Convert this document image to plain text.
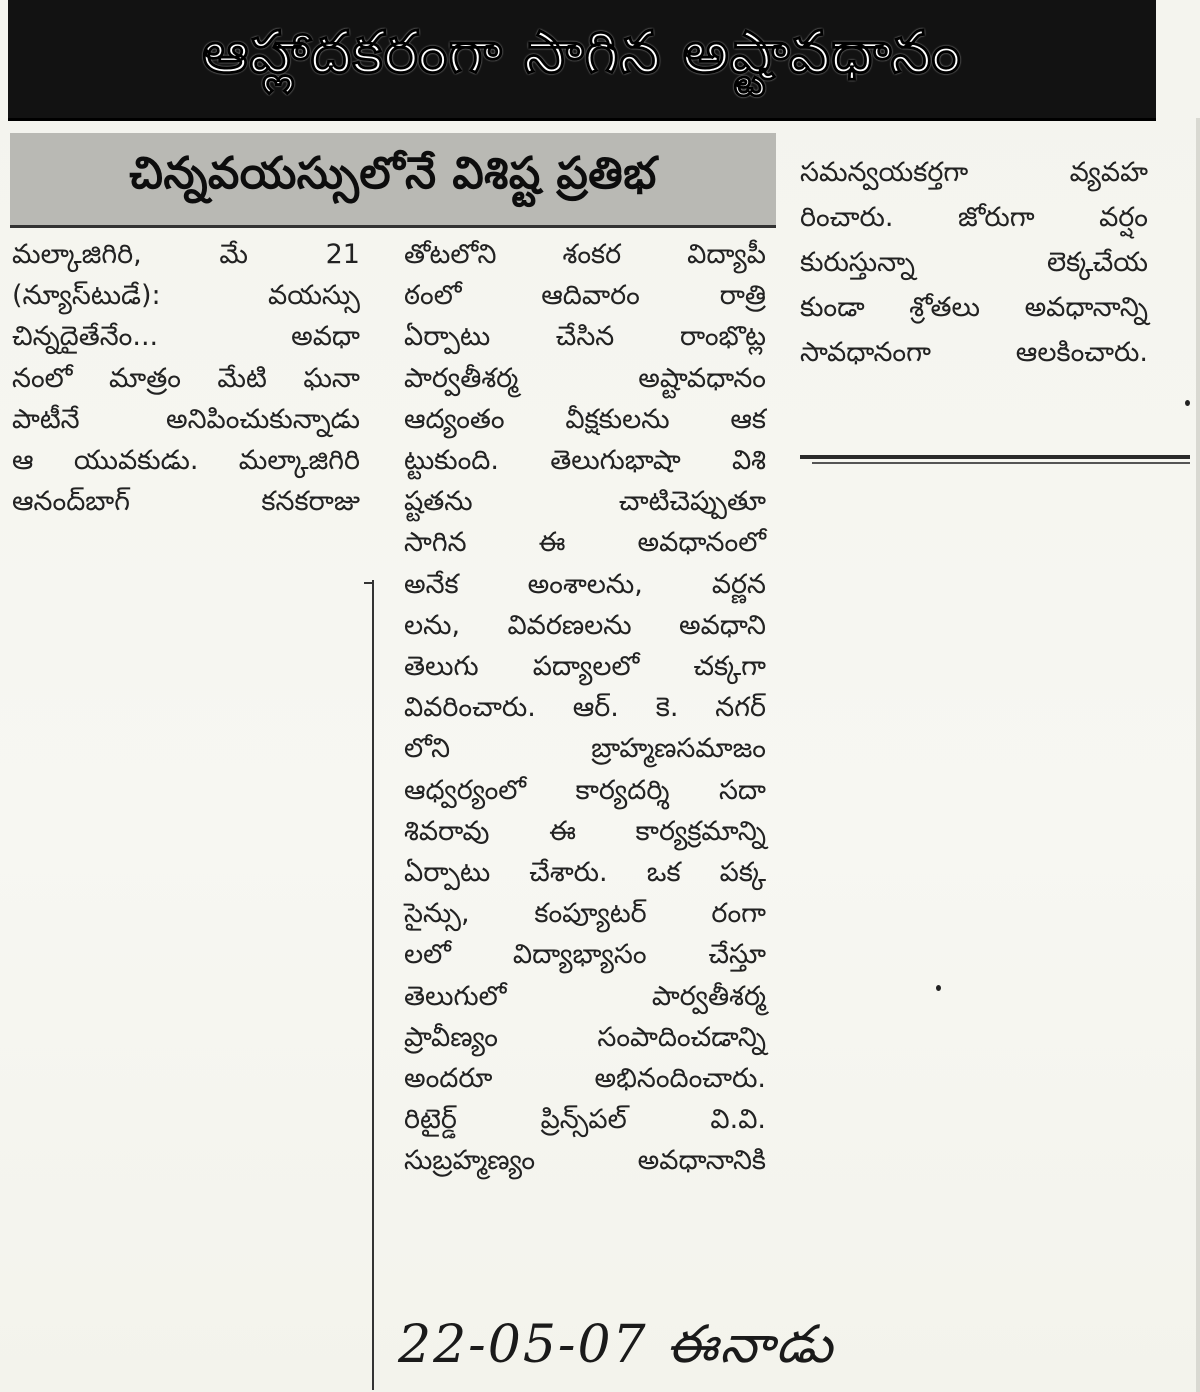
ఆహ్లాదకరంగా సాగిన అష్టావధానం
చిన్నవయస్సులోనే విశిష్ట ప్రతిభ
మల్కాజిగిరి, మే 21
(న్యూస్‌టుడే): వయస్సు
చిన్నదైతేనేం... అవధా
నంలో మాత్రం మేటి ఘనా
పాటీనే అనిపించుకున్నాడు
ఆ యువకుడు. మల్కాజిగిరి
ఆనంద్‌బాగ్ కనకరాజు
తోటలోని శంకర విద్యాపీ
ఠంలో ఆదివారం రాత్రి
ఏర్పాటు చేసిన రాంభొట్ల
పార్వతీశర్మ అష్టావధానం
ఆద్యంతం వీక్షకులను ఆక
ట్టుకుంది. తెలుగుభాషా విశి
ష్టతను చాటిచెప్పుతూ
సాగిన ఈ అవధానంలో
అనేక అంశాలను, వర్ణన
లను, వివరణలను అవధాని
తెలుగు పద్యాలలో చక్కగా
వివరించారు. ఆర్. కె. నగర్
లోని బ్రాహ్మణసమాజం
ఆధ్వర్యంలో కార్యదర్శి సదా
శివరావు ఈ కార్యక్రమాన్ని
ఏర్పాటు చేశారు. ఒక పక్క
సైన్సు, కంప్యూటర్ రంగా
లలో విద్యాభ్యాసం చేస్తూ
తెలుగులో పార్వతీశర్మ
ప్రావీణ్యం సంపాదించడాన్ని
అందరూ అభినందించారు.
రిటైర్డ్ ప్రిన్స్‌పల్ వి.వి.
సుబ్రహ్మణ్యం అవధానానికి
సమన్వయకర్తగా వ్యవహ
రించారు. జోరుగా వర్షం
కురుస్తున్నా లెక్కచేయ
కుండా శ్రోతలు అవధానాన్ని
సావధానంగా ఆలకించారు.
22-05-07 ఈనాడు
